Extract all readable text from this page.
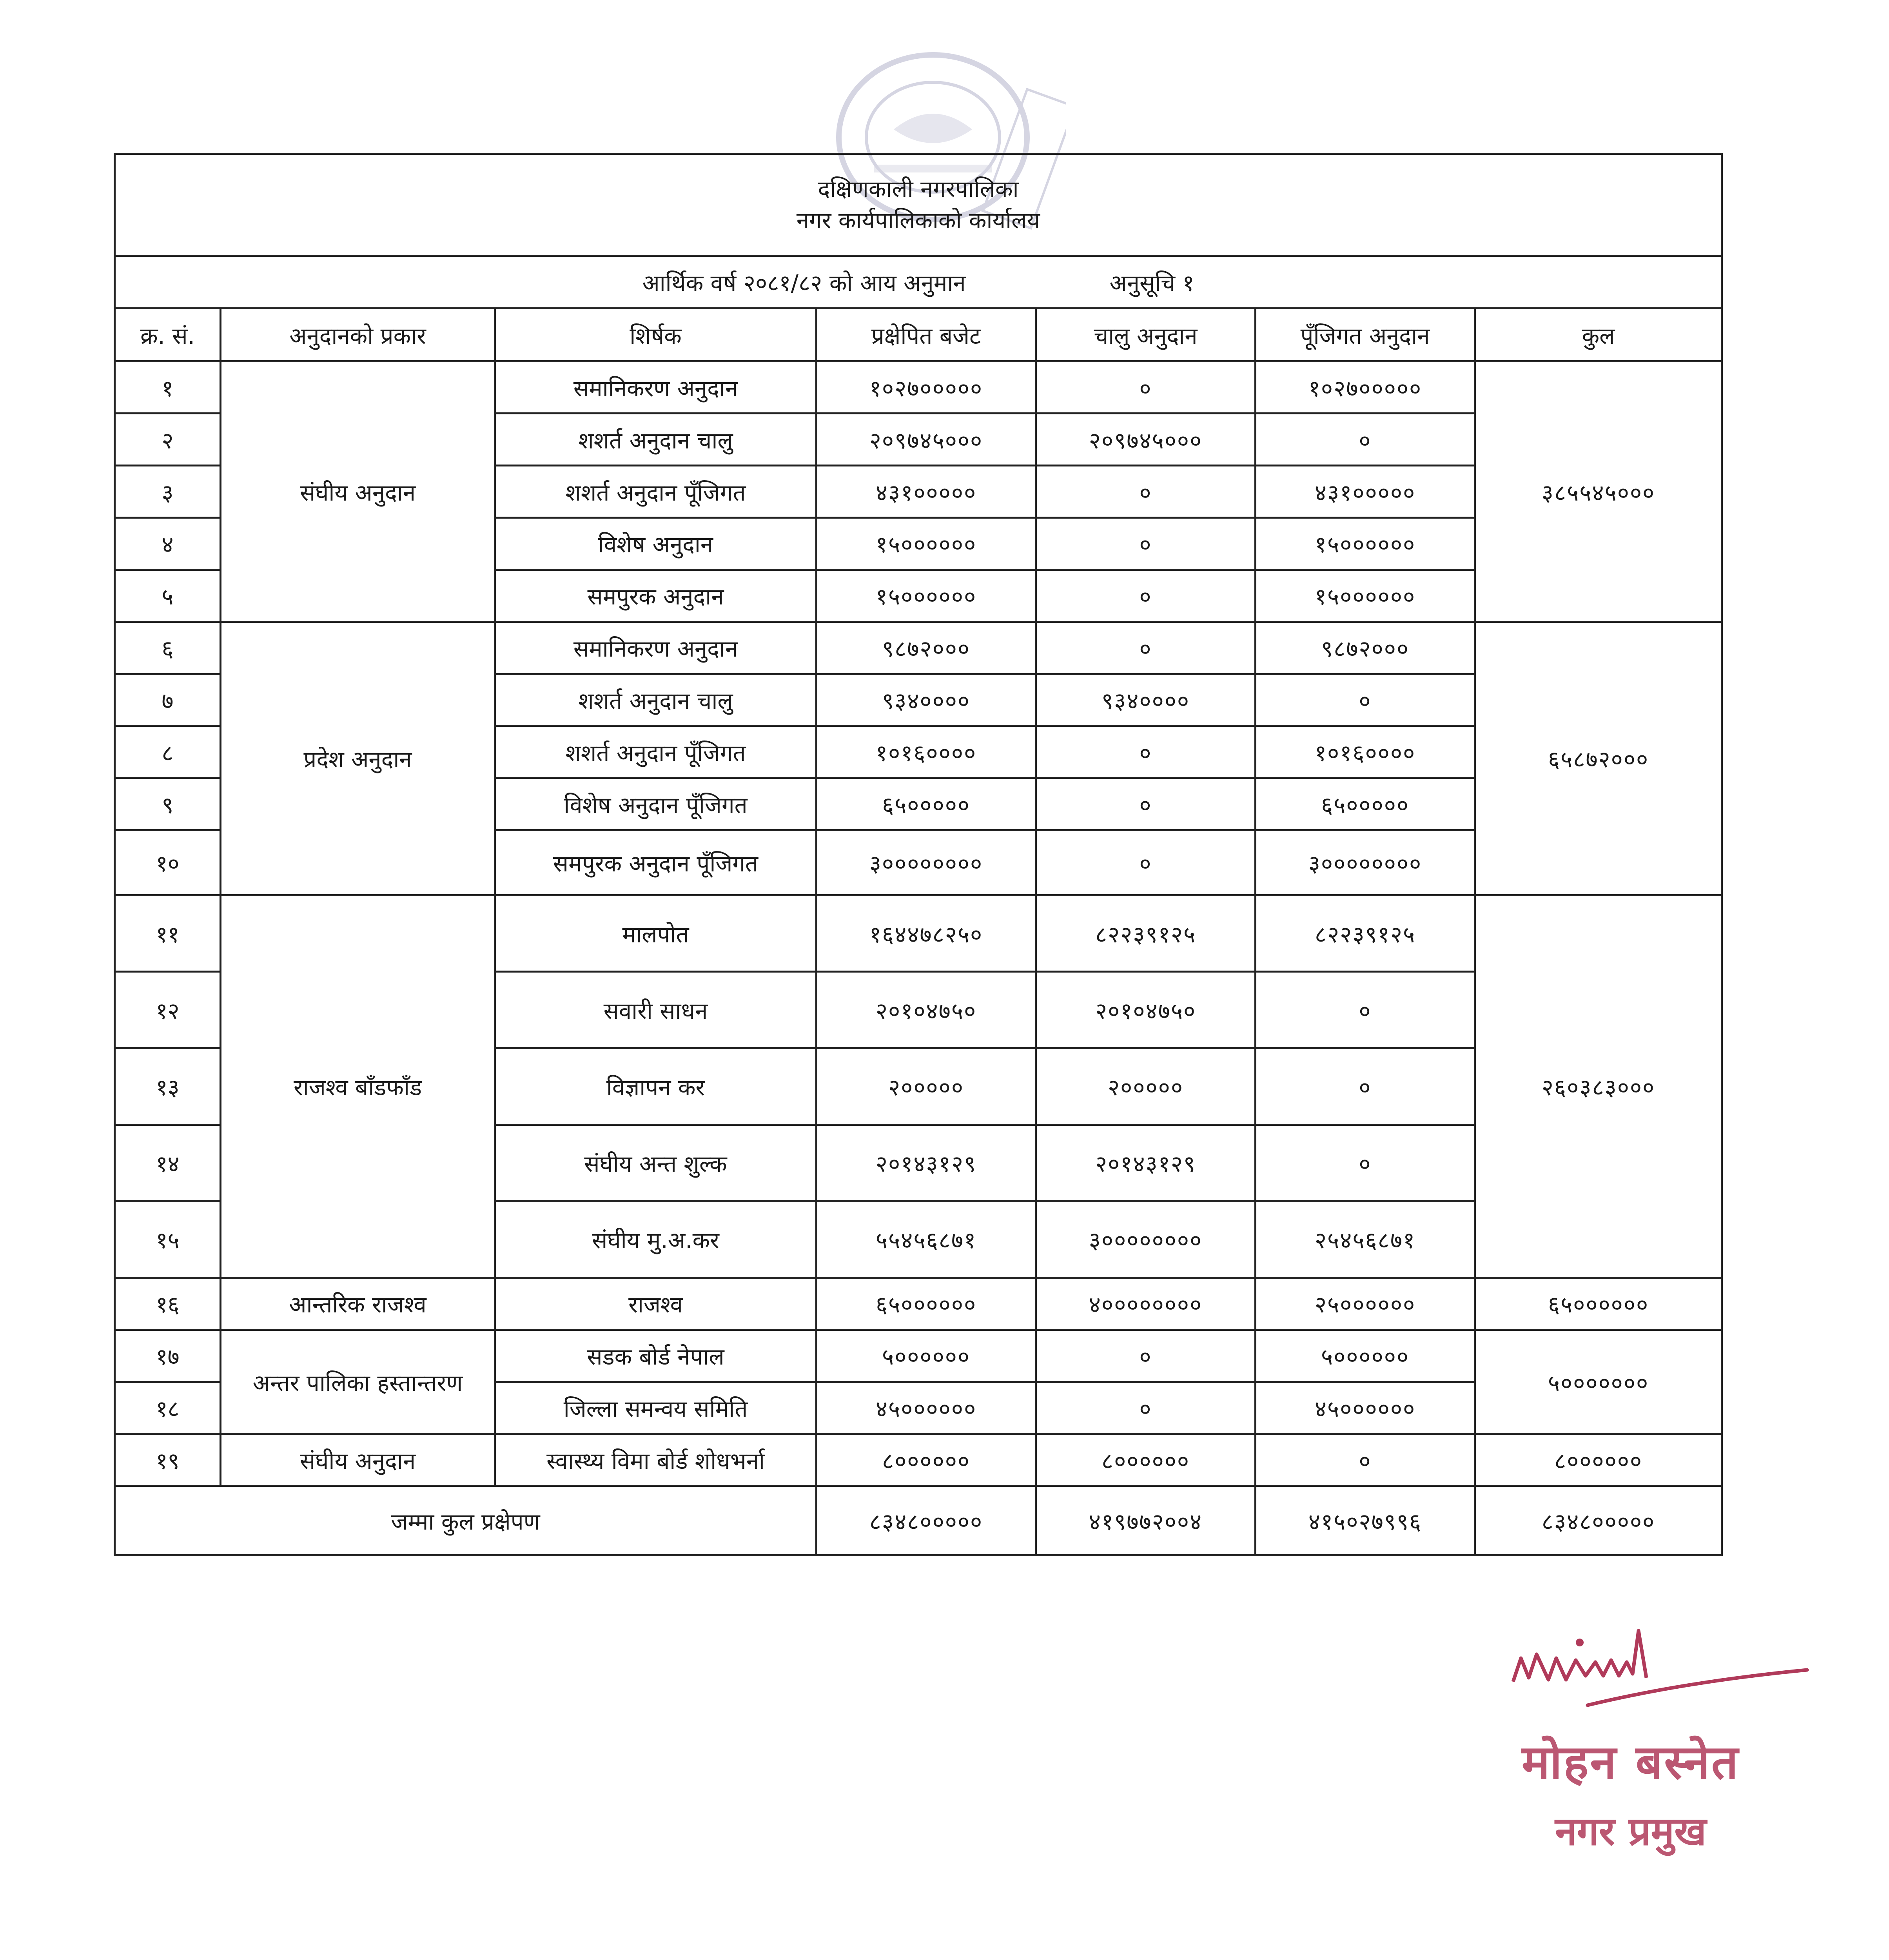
दक्षिणकाली नगरपालिका
नगर कार्यपालिकाको कार्यालय						

आर्थिक वर्ष २०८१/८२ को आय अनुमान अनुसूचि १						
क्र. सं.	अनुदानको प्रकार	शिर्षक	प्रक्षेपित बजेट	चालु अनुदान	पूँजिगत अनुदान	कुल
१	संघीय अनुदान	समानिकरण अनुदान	१०२७०००००	०	१०२७०००००	३८५५४५०००
२		शशर्त अनुदान चालु	२०९७४५०००	२०९७४५०००	०	
३		शशर्त अनुदान पूँजिगत	४३१०००००	०	४३१०००००	
४		विशेष अनुदान	१५००००००	०	१५००००००	
५		समपुरक अनुदान	१५००००००	०	१५००००००	
६	प्रदेश अनुदान	समानिकरण अनुदान	९८७२०००	०	९८७२०००	६५८७२०००
७		शशर्त अनुदान चालु	९३४००००	९३४००००	०	
८		शशर्त अनुदान पूँजिगत	१०१६००००	०	१०१६००००	
९		विशेष अनुदान पूँजिगत	६५०००००	०	६५०००००	
१०		समपुरक अनुदान पूँजिगत	३००००००००	०	३००००००००	
११	राजश्व बाँडफाँड	मालपोत	१६४४७८२५०	८२२३९१२५	८२२३९१२५	२६०३८३०००
१२		सवारी साधन	२०१०४७५०	२०१०४७५०	०	
१३		विज्ञापन कर	२०००००	२०००००	०	
१४		संघीय अन्त शुल्क	२०१४३१२९	२०१४३१२९	०	
१५		संघीय मु.अ.कर	५५४५६८७१	३००००००००	२५४५६८७१	
१६	आन्तरिक राजश्व	राजश्व	६५००००००	४००००००००	२५००००००	६५००००००
१७	अन्तर पालिका हस्तान्तरण	सडक बोर्ड नेपाल	५००००००	०	५००००००	५०००००००
१८		जिल्ला समन्वय समिति	४५००००००	०	४५००००००	
१९	संघीय अनुदान	स्वास्थ्य विमा बोर्ड शोधभर्ना	८००००००	८००००००	०	८००००००
जम्मा कुल प्रक्षेपण			८३४८०००००	४१९७७२००४	४१५०२७९९६	८३४८०००००
मोहन बस्नेत
नगर प्रमुख
